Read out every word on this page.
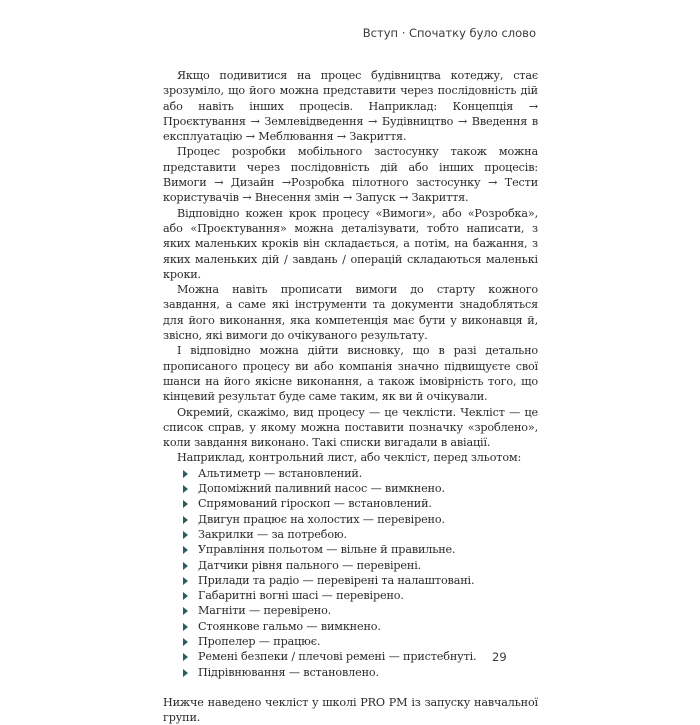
Вступ · Спочатку було слово

Якщо подивитися на процес будівництва котеджу, стає зрозуміло, що його можна представити через послідовність дій або навіть інших процесів. Наприклад: Концепція → Проєктування → Землевідведення → Будівництво → Введення в експлуатацію → Меблювання → Закриття.

Процес розробки мобільного застосунку також можна представити через послідовність дій або інших процесів: Вимоги → Дизайн →Розробка пілотного застосунку → Тести користувачів → Внесення змін → Запуск → Закриття.

Відповідно кожен крок процесу «Вимоги», або «Розробка», або «Проєктування» можна деталізувати, тобто написати, з яких маленьких кроків він складається, а потім, на бажання, з яких маленьких дій / завдань / операцій складаються маленькі кроки.

Можна навіть прописати вимоги до старту кожного завдання, а саме які інструменти та документи знадобляться для його виконання, яка компетенція має бути у виконавця й, звісно, які вимоги до очікуваного результату.

І відповідно можна дійти висновку, що в разі детально прописаного процесу ви або компанія значно підвищуєте свої шанси на його якісне виконання, а також імовірність того, що кінцевий результат буде саме таким, як ви й очікували.

Окремий, скажімо, вид процесу — це чекліcти. Чекліст — це список справ, у якому можна поставити позначку «зроблено», коли завдання виконано. Такі списки вигадали в авіації.

Наприклад, контрольний лист, або чекліст, перед зльотом:

Альтиметр — встановлений.
Допоміжний паливний насос — вимкнено.
Спрямований гіроскоп — встановлений.
Двигун працює на холостих — перевірено.
Закрилки — за потребою.
Управління польотом — вільне й правильне.
Датчики рівня пального — перевірені.
Прилади та радіо — перевірені та налаштовані.
Габаритні вогні шасі — перевірено.
Магніти — перевірено.
Стоянкове гальмо — вимкнено.
Пропелер — працює.
Ремені безпеки / плечові ремені — пристебнуті.
Підрівнювання — встановлено.

Нижче наведено чекліст у школі PRO PM із запуску навчальної групи.

29
